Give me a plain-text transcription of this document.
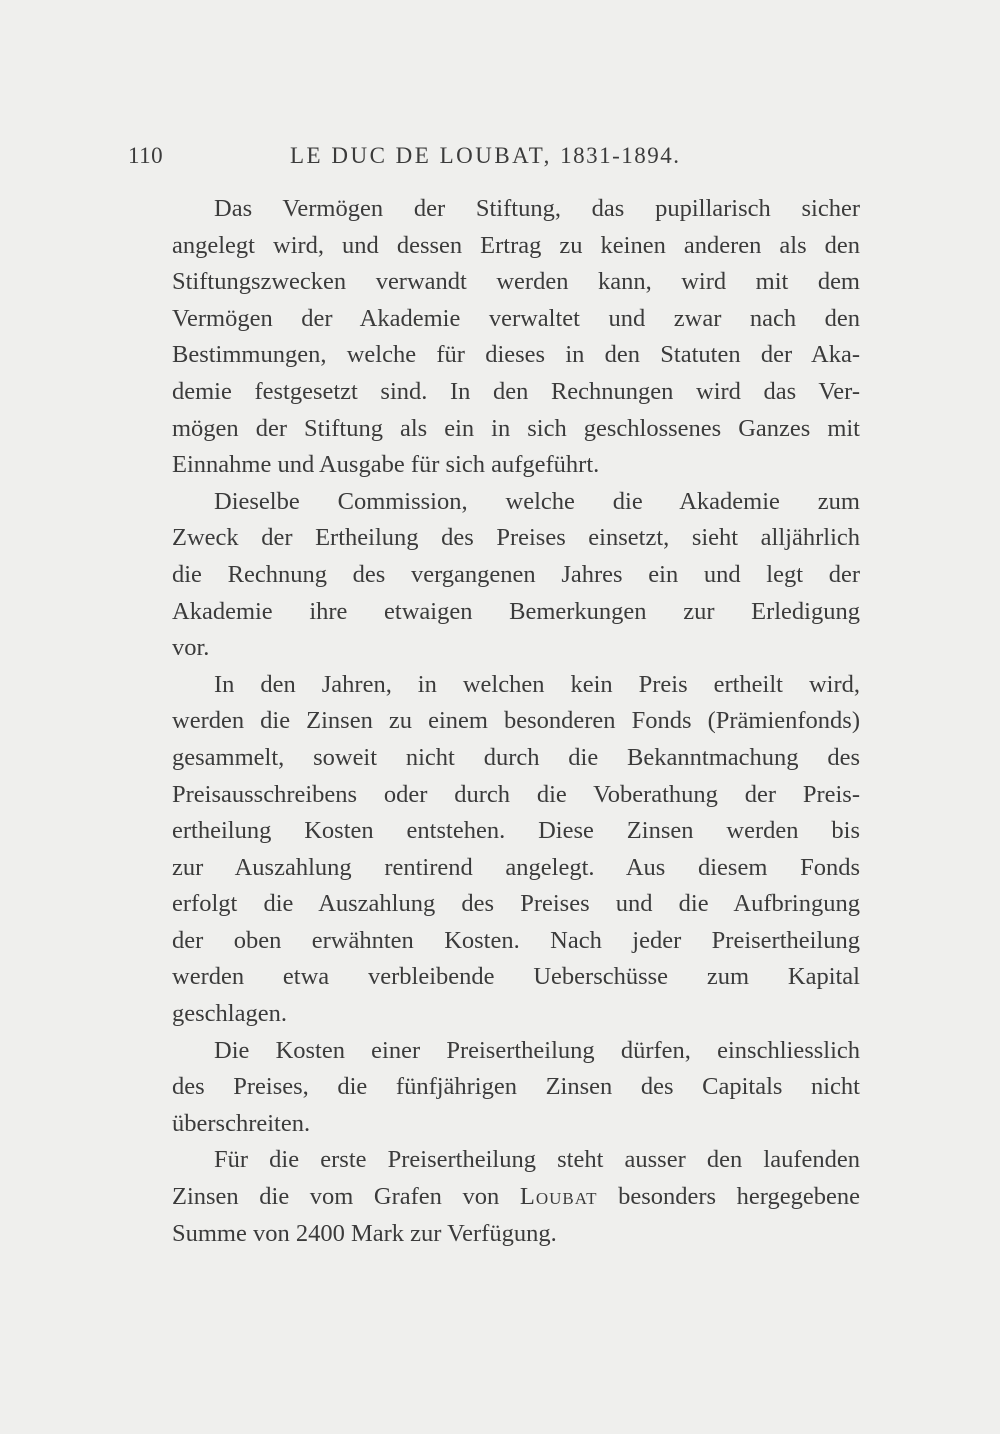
110	LE DUC DE LOUBAT, 1831-1894.
Das Vermögen der Stiftung, das pupillarisch sicher
angelegt wird, und dessen Ertrag zu keinen anderen als den
Stiftungszwecken verwandt werden kann, wird mit dem
Vermögen der Akademie verwaltet und zwar nach den
Bestimmungen, welche für dieses in den Statuten der Aka-
demie festgesetzt sind. In den Rechnungen wird das Ver-
mögen der Stiftung als ein in sich geschlossenes Ganzes mit
Einnahme und Ausgabe für sich aufgeführt.
Dieselbe Commission, welche die Akademie zum
Zweck der Ertheilung des Preises einsetzt, sieht alljährlich
die Rechnung des vergangenen Jahres ein und legt der
Akademie ihre etwaigen Bemerkungen zur Erledigung
vor.
In den Jahren, in welchen kein Preis ertheilt wird,
werden die Zinsen zu einem besonderen Fonds (Prämienfonds)
gesammelt, soweit nicht durch die Bekanntmachung des
Preisausschreibens oder durch die Voberathung der Preis-
ertheilung Kosten entstehen. Diese Zinsen werden bis
zur Auszahlung rentirend angelegt. Aus diesem Fonds
erfolgt die Auszahlung des Preises und die Aufbringung
der oben erwähnten Kosten. Nach jeder Preisertheilung
werden etwa verbleibende Ueberschüsse zum Kapital
geschlagen.
Die Kosten einer Preisertheilung dürfen, einschliesslich
des Preises, die fünfjährigen Zinsen des Capitals nicht
überschreiten.
Für die erste Preisertheilung steht ausser den laufenden
Zinsen die vom Grafen von Loubat besonders hergegebene
Summe von 2400 Mark zur Verfügung.
